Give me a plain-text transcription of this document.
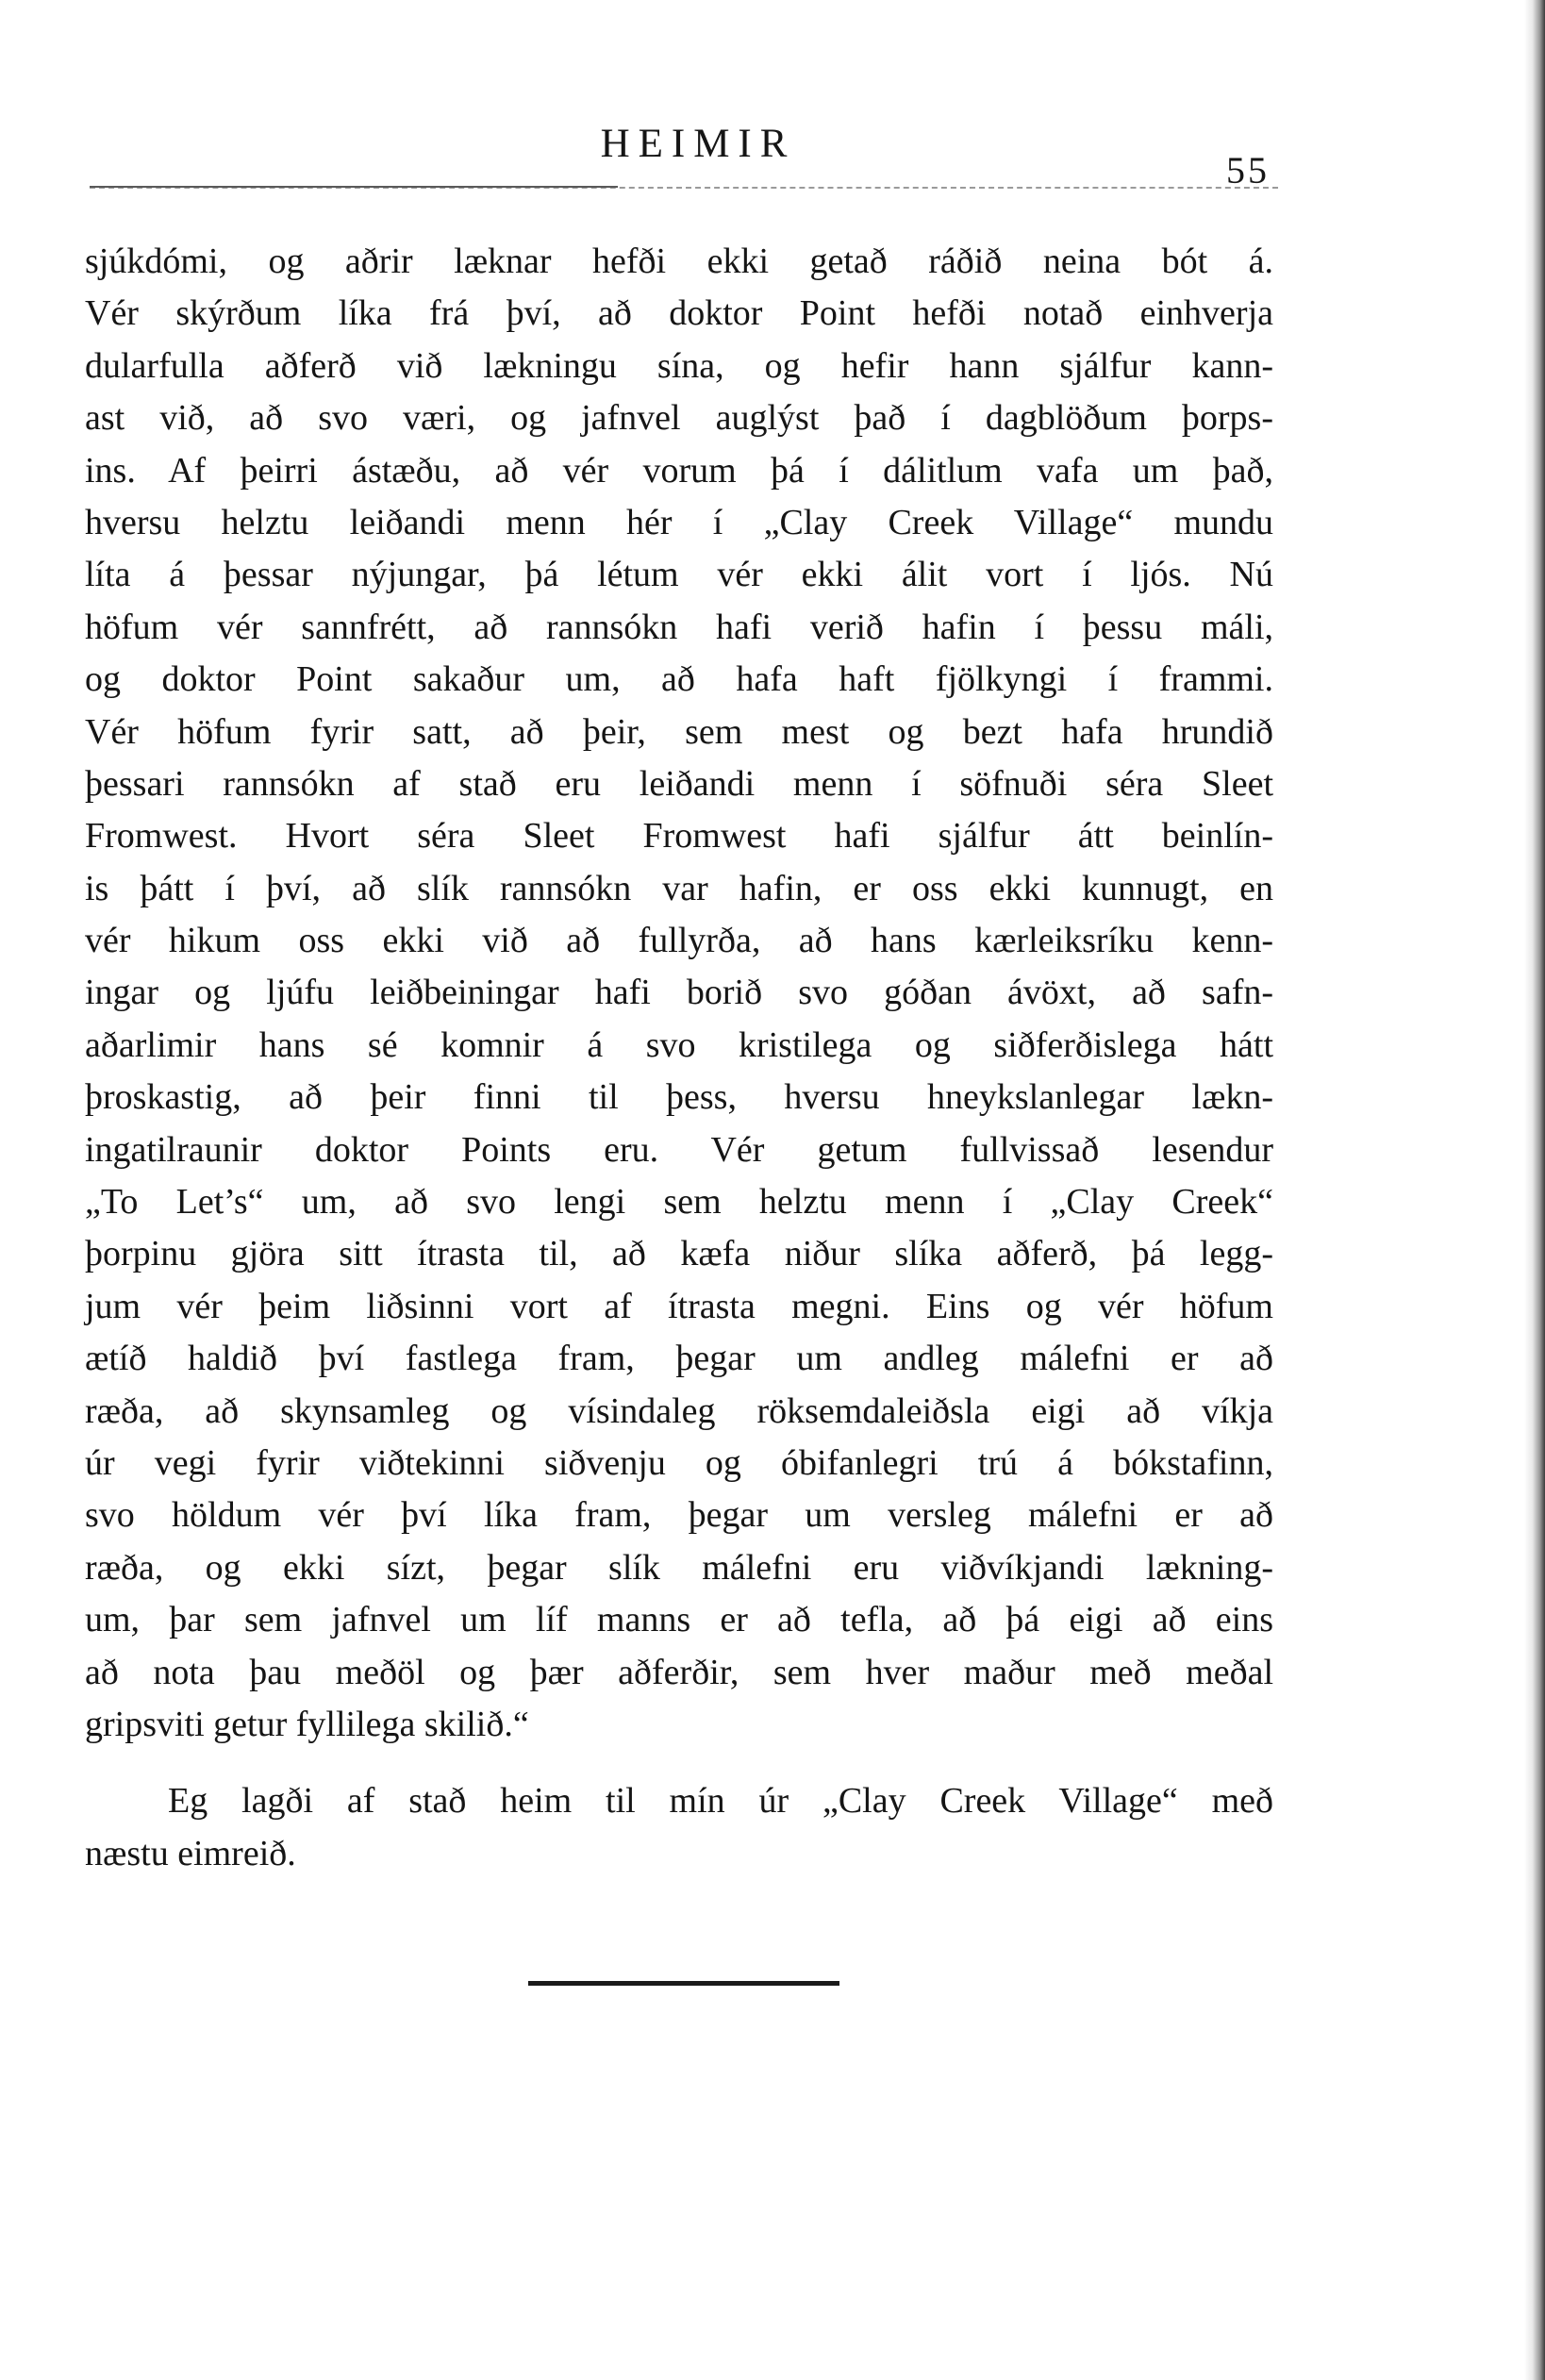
HEIMIR
55
sjúkdómi, og aðrir læknar hefði ekki getað ráðið neina bót á.
Vér skýrðum líka frá því, að doktor Point hefði notað einhverja
dularfulla aðferð við lækningu sína, og hefir hann sjálfur kann-
ast við, að svo væri, og jafnvel auglýst það í dagblöðum þorps-
ins. Af þeirri ástæðu, að vér vorum þá í dálitlum vafa um það,
hversu helztu leiðandi menn hér í „Clay Creek Village“ mundu
líta á þessar nýjungar, þá létum vér ekki álit vort í ljós. Nú
höfum vér sannfrétt, að rannsókn hafi verið hafin í þessu máli,
og doktor Point sakaður um, að hafa haft fjölkyngi í frammi.
Vér höfum fyrir satt, að þeir, sem mest og bezt hafa hrundið
þessari rannsókn af stað eru leiðandi menn í söfnuði séra Sleet
Fromwest. Hvort séra Sleet Fromwest hafi sjálfur átt beinlín-
is þátt í því, að slík rannsókn var hafin, er oss ekki kunnugt, en
vér hikum oss ekki við að fullyrða, að hans kærleiksríku kenn-
ingar og ljúfu leiðbeiningar hafi borið svo góðan ávöxt, að safn-
aðarlimir hans sé komnir á svo kristilega og siðferðislega hátt
þroskastig, að þeir finni til þess, hversu hneykslanlegar lækn-
ingatilraunir doktor Points eru. Vér getum fullvissað lesendur
„To Let’s“ um, að svo lengi sem helztu menn í „Clay Creek“
þorpinu gjöra sitt ítrasta til, að kæfa niður slíka aðferð, þá legg-
jum vér þeim liðsinni vort af ítrasta megni. Eins og vér höfum
ætíð haldið því fastlega fram, þegar um andleg málefni er að
ræða, að skynsamleg og vísindaleg röksemdaleiðsla eigi að víkja
úr vegi fyrir viðtekinni siðvenju og óbifanlegri trú á bókstafinn,
svo höldum vér því líka fram, þegar um versleg málefni er að
ræða, og ekki sízt, þegar slík málefni eru viðvíkjandi lækning-
um, þar sem jafnvel um líf manns er að tefla, að þá eigi að eins
að nota þau meðöl og þær aðferðir, sem hver maður með meðal
gripsviti getur fyllilega skilið.“
Eg lagði af stað heim til mín úr „Clay Creek Village“ með
næstu eimreið.
